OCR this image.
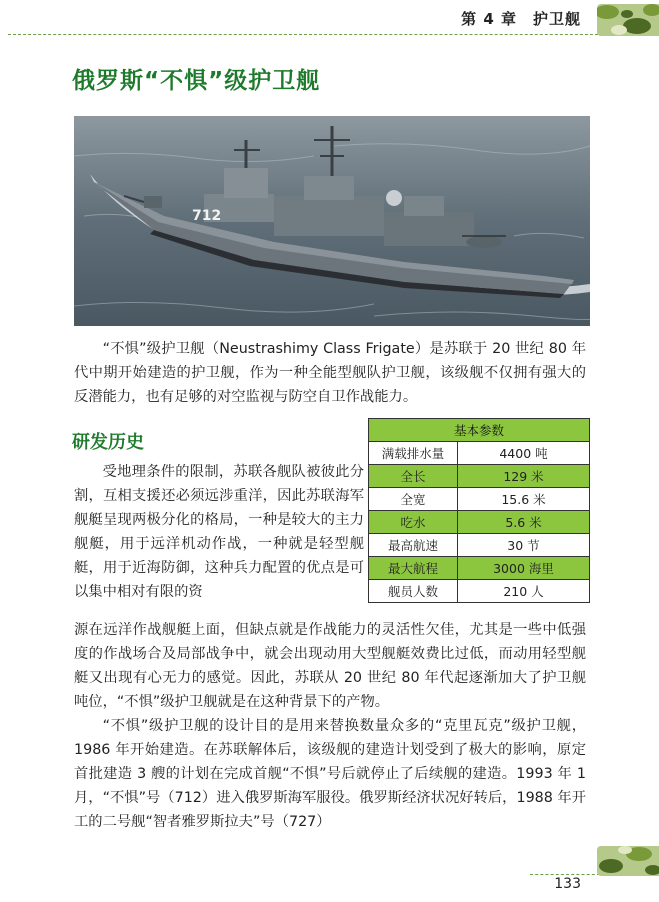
第 4 章　护卫舰
俄罗斯“不惧”级护卫舰
712

“不惧”级护卫舰（Neustrashimy Class Frigate）是苏联于 20 世纪 80 年代中期开始建造的护卫舰，作为一种全能型舰队护卫舰，该级舰不仅拥有强大的反潜能力，也有足够的对空监视与防空自卫作战能力。

研发历史
基本参数	
满载排水量	4400 吨
全长	129 米
全宽	15.6 米
吃水	5.6 米
最高航速	30 节
最大航程	3000 海里
舰员人数	210 人

受地理条件的限制，苏联各舰队被彼此分割，互相支援还必须远涉重洋，因此苏联海军舰艇呈现两极分化的格局，一种是较大的主力舰艇，用于远洋机动作战，一种就是轻型舰艇，用于近海防御，这种兵力配置的优点是可以集中相对有限的资

源在远洋作战舰艇上面，但缺点就是作战能力的灵活性欠佳，尤其是一些中低强度的作战场合及局部战争中，就会出现动用大型舰艇效费比过低，而动用轻型舰艇又出现有心无力的感觉。因此，苏联从 20 世纪 80 年代起逐渐加大了护卫舰吨位，“不惧”级护卫舰就是在这种背景下的产物。

“不惧”级护卫舰的设计目的是用来替换数量众多的“克里瓦克”级护卫舰，1986 年开始建造。在苏联解体后，该级舰的建造计划受到了极大的影响，原定首批建造 3 艘的计划在完成首舰“不惧”号后就停止了后续舰的建造。1993 年 1 月，“不惧”号（712）进入俄罗斯海军服役。俄罗斯经济状况好转后，1988 年开工的二号舰“智者雅罗斯拉夫”号（727）

133
